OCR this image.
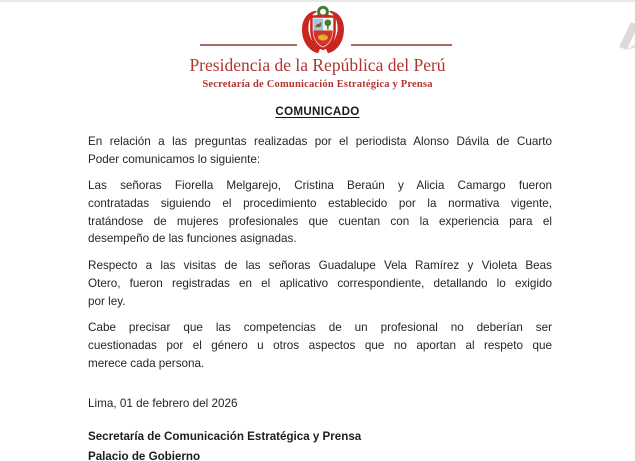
Presidencia de la República del Perú
Secretaría de Comunicación Estratégica y Prensa
COMUNICADO
En relación a las preguntas realizadas por el periodista Alonso Dávila de Cuarto
Poder comunicamos lo siguiente:
Las señoras Fiorella Melgarejo, Cristina Beraún y Alicia Camargo fueron
contratadas siguiendo el procedimiento establecido por la normativa vigente,
tratándose de mujeres profesionales que cuentan con la experiencia para el
desempeño de las funciones asignadas.
Respecto a las visitas de las señoras Guadalupe Vela Ramírez y Violeta Beas
Otero, fueron registradas en el aplicativo correspondiente, detallando lo exigido
por ley.
Cabe precisar que las competencias de un profesional no deberían ser
cuestionadas por el género u otros aspectos que no aportan al respeto que
merece cada persona.
Lima, 01 de febrero del 2026
Secretaría de Comunicación Estratégica y Prensa
Palacio de Gobierno
